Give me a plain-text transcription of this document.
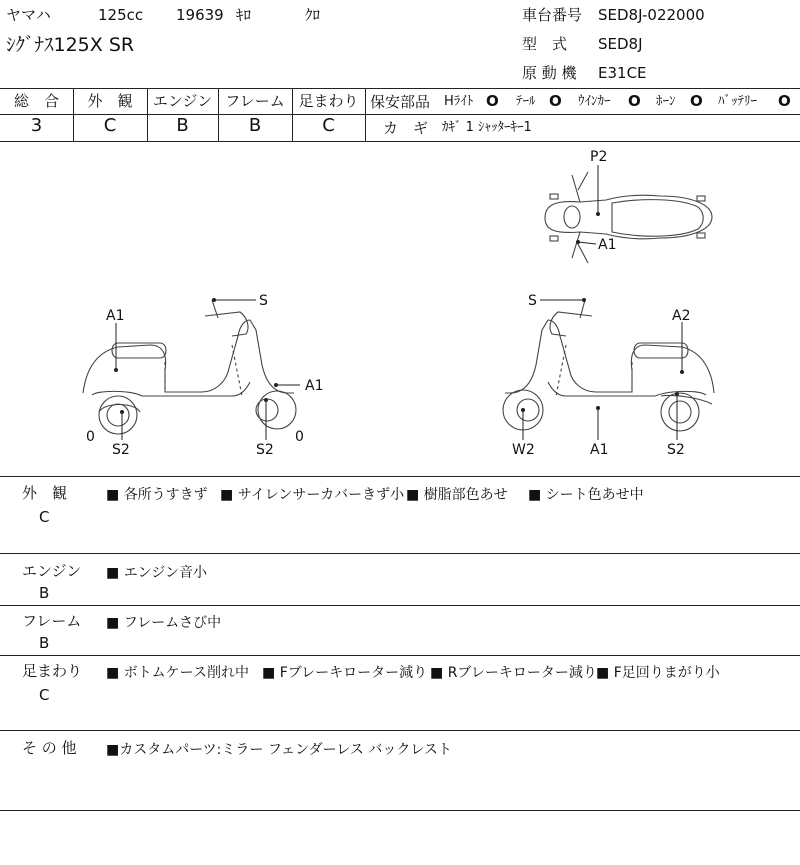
ヤマハ	125cc 19639 ｷﾛ	ｸﾛ
ｼｸﾞﾅｽ125X SR
車台番号 SED8J-022000
型　式 SED8J
原 動 機 E31CE
総　合	外　観	エンジン フレーム 足まわり
3	C	B	B	C
保安部品 Hﾗｲﾄ O ﾃｰﾙ O ｳｲﾝｶｰ O ﾎｰﾝ O ﾊﾞｯﾃﾘｰ O
カ　ギ ｶｷﾞ 1 ｼｬｯﾀｰｷｰ1
P2
A1
S
A1
A1
0
S2	S2
0
S
A2
W2	A1	S2
外　観
C
■ 各所うすきず ■ サイレンサーカバーきず小 ■ 樹脂部色あせ ■ シート色あせ中
エンジン
B
■ エンジン音小
フレーム
B
■ フレームさび中
足まわり
C
■ ボトムケース削れ中 ■ Fブレーキローター減り ■ Rブレーキローター減り ■ F足回りまがり小
そ の 他 ■カスタムパーツ:ミラー フェンダーレス バックレスト
